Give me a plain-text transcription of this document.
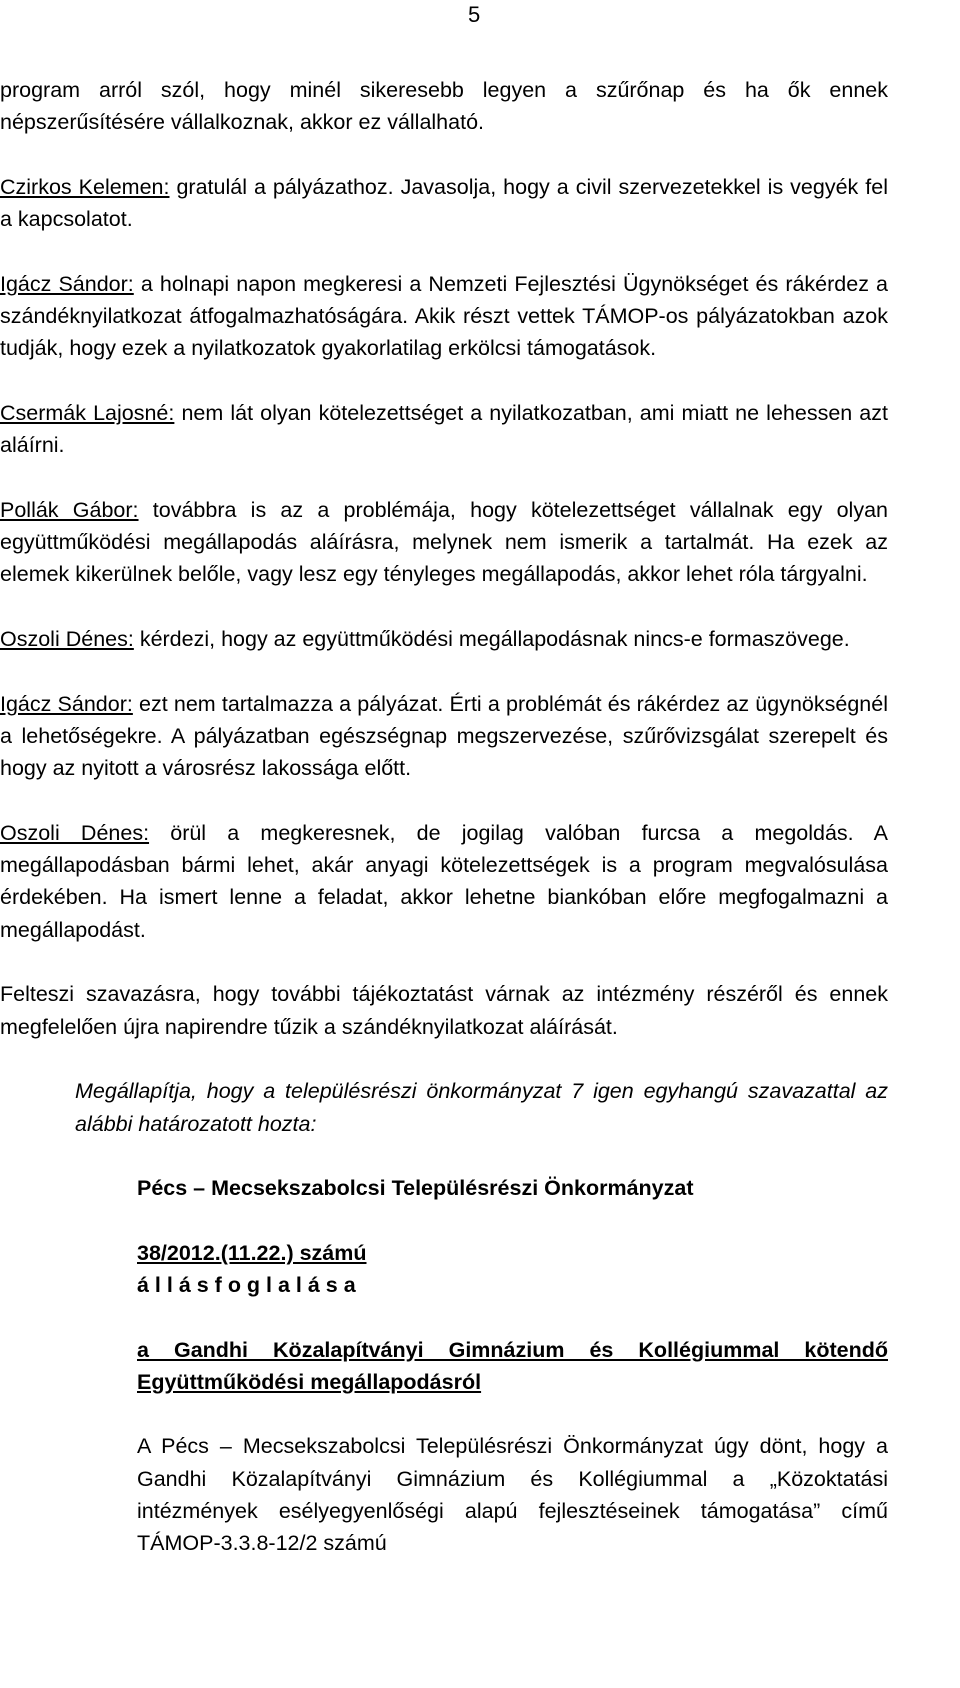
5

program arról szól, hogy minél sikeresebb legyen a szűrőnap és ha ők ennek népszerűsítésére vállalkoznak, akkor ez vállalható.

Czirkos Kelemen: gratulál a pályázathoz. Javasolja, hogy a civil szervezetekkel is vegyék fel a kapcsolatot.

Igácz Sándor: a holnapi napon megkeresi a Nemzeti Fejlesztési Ügynökséget és rákérdez a szándéknyilatkozat átfogalmazhatóságára. Akik részt vettek TÁMOP-os pályázatokban azok tudják, hogy ezek a nyilatkozatok gyakorlatilag erkölcsi támogatások.

Csermák Lajosné: nem lát olyan kötelezettséget a nyilatkozatban, ami miatt ne lehessen azt aláírni.

Pollák Gábor: továbbra is az a problémája, hogy kötelezettséget vállalnak egy olyan együttműködési megállapodás aláírásra, melynek nem ismerik a tartalmát. Ha ezek az elemek kikerülnek belőle, vagy lesz egy tényleges megállapodás, akkor lehet róla tárgyalni.

Oszoli Dénes: kérdezi, hogy az együttműködési megállapodásnak nincs-e formaszövege.

Igácz Sándor: ezt nem tartalmazza a pályázat. Érti a problémát és rákérdez az ügynökségnél a lehetőségekre. A pályázatban egészségnap megszervezése, szűrővizsgálat szerepelt és hogy az nyitott a városrész lakossága előtt.

Oszoli Dénes: örül a megkeresnek, de jogilag valóban furcsa a megoldás. A megállapodásban bármi lehet, akár anyagi kötelezettségek is a program megvalósulása érdekében. Ha ismert lenne a feladat, akkor lehetne biankóban előre megfogalmazni a megállapodást.

Felteszi szavazásra, hogy további tájékoztatást várnak az intézmény részéről és ennek megfelelően újra napirendre tűzik a szándéknyilatkozat aláírását.

Megállapítja, hogy a településrészi önkormányzat 7 igen egyhangú szavazattal az alábbi határozatott hozta:

Pécs – Mecsekszabolcsi Településrészi Önkormányzat

38/2012.(11.22.) számú

á l l á s f o g l a l á s a

a Gandhi Közalapítványi Gimnázium és Kollégiummal kötendő Együttműködési megállapodásról

A Pécs – Mecsekszabolcsi Településrészi Önkormányzat úgy dönt, hogy a Gandhi Közalapítványi Gimnázium és Kollégiummal a „Közoktatási intézmények esélyegyenlőségi alapú fejlesztéseinek támogatása” című TÁMOP-3.3.8-12/2 számú
